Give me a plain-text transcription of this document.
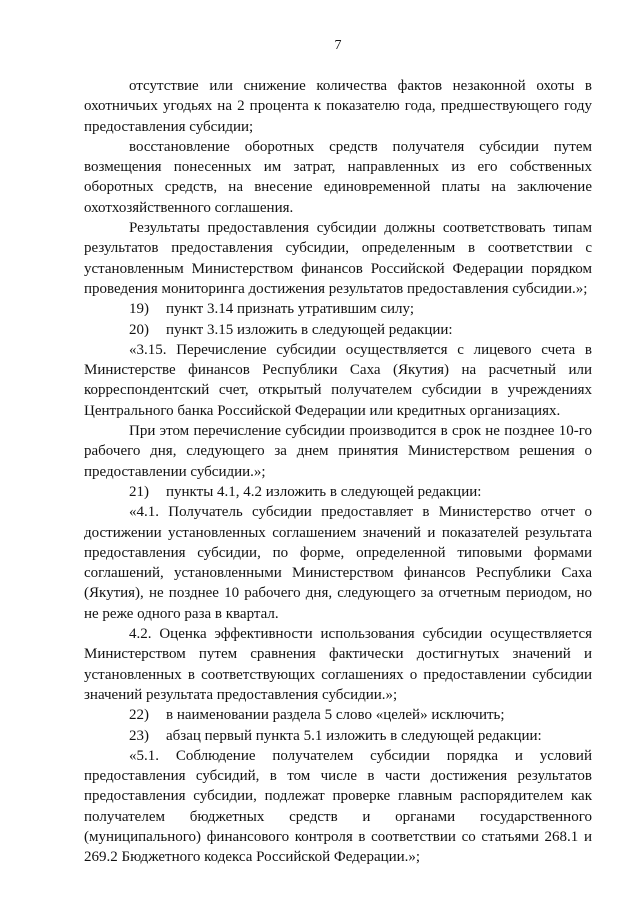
7

отсутствие или снижение количества фактов незаконной охоты в охотничьих угодьях на 2 процента к показателю года, предшествующего году предоставления субсидии;

восстановление оборотных средств получателя субсидии путем возмещения понесенных им затрат, направленных из его собственных оборотных средств, на внесение единовременной платы на заключение охотхозяйственного соглашения.

Результаты предоставления субсидии должны соответствовать типам результатов предоставления субсидии, определенным в соответствии с установленным Министерством финансов Российской Федерации порядком проведения мониторинга достижения результатов предоставления субсидии.»;

19) пункт 3.14 признать утратившим силу;

20) пункт 3.15 изложить в следующей редакции:

«3.15. Перечисление субсидии осуществляется с лицевого счета в Министерстве финансов Республики Саха (Якутия) на расчетный или корреспондентский счет, открытый получателем субсидии в учреждениях Центрального банка Российской Федерации или кредитных организациях.

При этом перечисление субсидии производится в срок не позднее 10-го рабочего дня, следующего за днем принятия Министерством решения о предоставлении субсидии.»;

21) пункты 4.1, 4.2 изложить в следующей редакции:

«4.1. Получатель субсидии предоставляет в Министерство отчет о достижении установленных соглашением значений и показателей результата предоставления субсидии, по форме, определенной типовыми формами соглашений, установленными Министерством финансов Республики Саха (Якутия), не позднее 10 рабочего дня, следующего за отчетным периодом, но не реже одного раза в квартал.

4.2. Оценка эффективности использования субсидии осуществляется Министерством путем сравнения фактически достигнутых значений и установленных в соответствующих соглашениях о предоставлении субсидии значений результата предоставления субсидии.»;

22) в наименовании раздела 5 слово «целей» исключить;

23) абзац первый пункта 5.1 изложить в следующей редакции:

«5.1. Соблюдение получателем субсидии порядка и условий предоставления субсидий, в том числе в части достижения результатов предоставления субсидии, подлежат проверке главным распорядителем как получателем бюджетных средств и органами государственного (муниципального) финансового контроля в соответствии со статьями 268.1 и 269.2 Бюджетного кодекса Российской Федерации.»;
